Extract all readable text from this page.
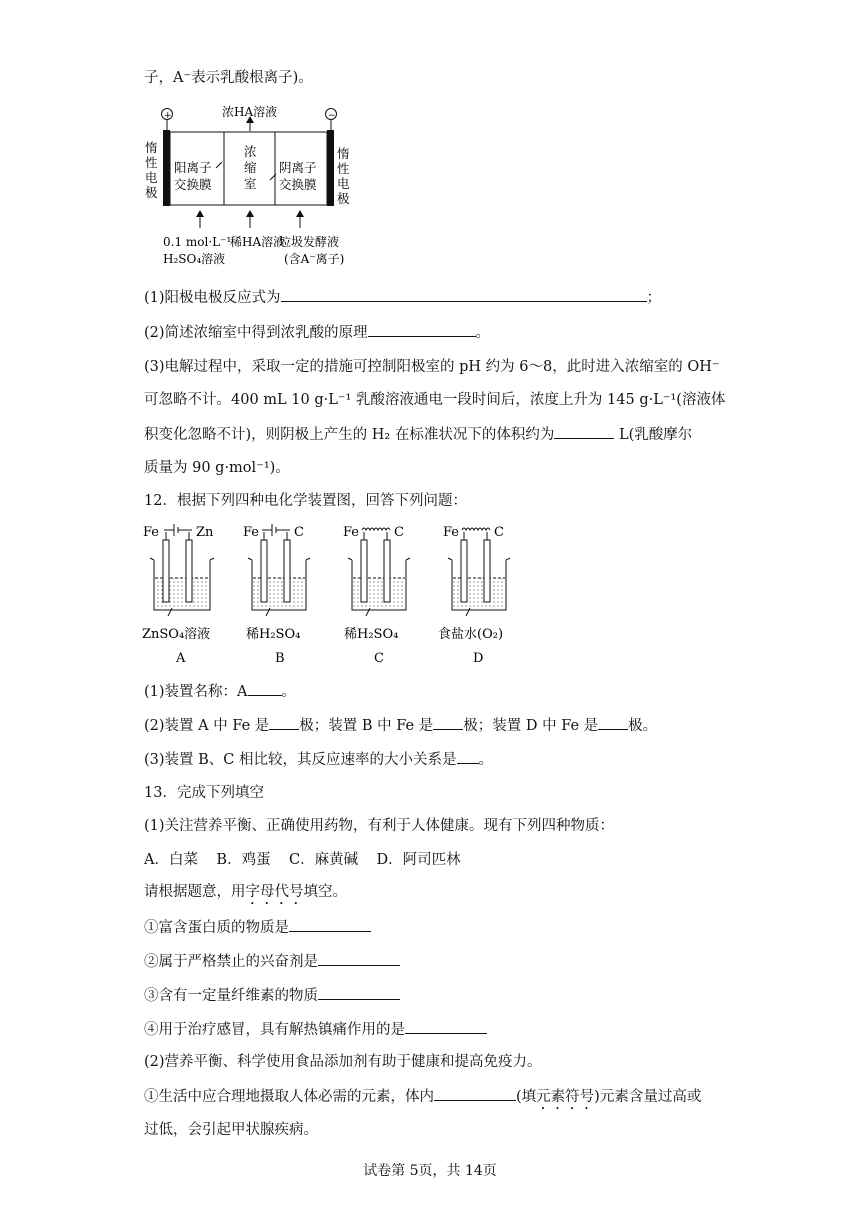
子，A⁻表示乳酸根离子)。
+	−
浓HA溶液
惰
性
电
极
惰
性
电
极
阳离子
交换膜
浓
缩
室
阴离子
交换膜
0.1 mol·L⁻¹
H₂SO₄溶液
稀HA溶液
垃圾发酵液
(含A⁻离子)
(1)阳极电极反应式为	；
(2)简述浓缩室中得到浓乳酸的原理	。
(3)电解过程中，采取一定的措施可控制阳极室的 pH 约为 6～8，此时进入浓缩室的 OH⁻
可忽略不计。400 mL 10 g·L⁻¹ 乳酸溶液通电一段时间后，浓度上升为 145 g·L⁻¹(溶液体
积变化忽略不计)，则阴极上产生的 H₂ 在标准状况下的体积约为	L(乳酸摩尔
质量为 90 g·mol⁻¹)。
12．根据下列四种电化学装置图，回答下列问题：
Fe	Zn Fe	C	Fe	C	Fe	C
ZnSO₄溶液	稀H₂SO₄	稀H₂SO₄	食盐水(O₂)
A	B	C	D
(1)装置名称：A 。
(2)装置 A 中 Fe 是 极；装置 B 中 Fe 是 极；装置 D 中 Fe 是 极。
(3)装置 B、C 相比较，其反应速率的大小关系是 。
13．完成下列填空
(1)关注营养平衡、正确使用药物，有利于人体健康。现有下列四种物质：
A．白菜    B．鸡蛋    C．麻黄碱    D．阿司匹林
请根据题意，用字母代号填空。
①富含蛋白质的物质是
②属于严格禁止的兴奋剂是
③含有一定量纤维素的物质
④用于治疗感冒，具有解热镇痛作用的是
(2)营养平衡、科学使用食品添加剂有助于健康和提高免疫力。
①生活中应合理地摄取人体必需的元素，体内	(填元素符号)元素含量过高或
过低，会引起甲状腺疾病。
试卷第 5页，共 14页
